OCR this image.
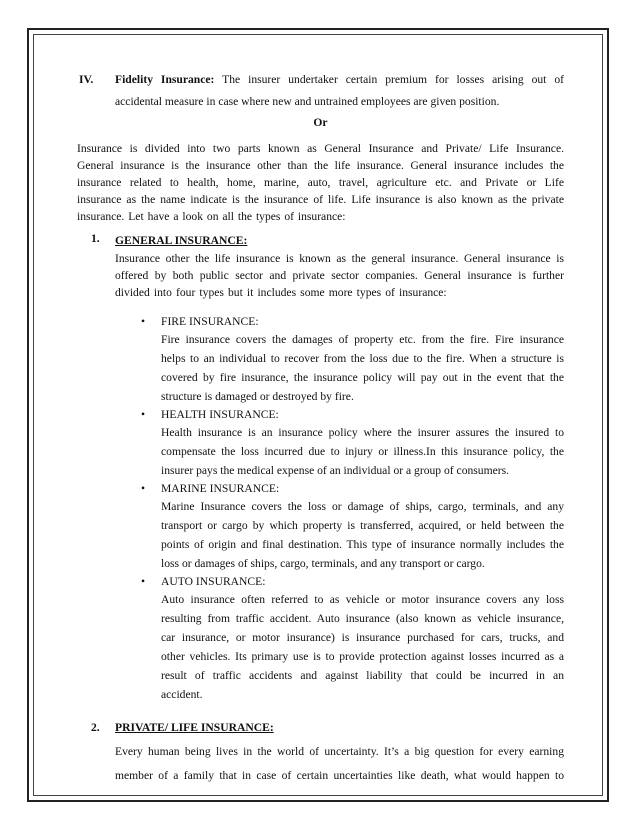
IV. Fidelity Insurance: The insurer undertaker certain premium for losses arising out of

accidental measure in case where new and untrained employees are given position.

Or

Insurance is divided into two parts known as General Insurance and Private/ Life Insurance.

General insurance is the insurance other than the life insurance. General insurance includes the

insurance related to health, home, marine, auto, travel, agriculture etc. and Private or Life

insurance as the name indicate is the insurance of life. Life insurance is also known as the private

insurance. Let have a look on all the types of insurance:

1. GENERAL INSURANCE:

Insurance other the life insurance is known as the general insurance. General insurance is

offered by both public sector and private sector companies. General insurance is further

divided into four types but it includes some more types of insurance:

• FIRE INSURANCE:

Fire insurance covers the damages of property etc. from the fire. Fire insurance

helps to an individual to recover from the loss due to the fire. When a structure is

covered by fire insurance, the insurance policy will pay out in the event that the

structure is damaged or destroyed by fire.

• HEALTH INSURANCE:

Health insurance is an insurance policy where the insurer assures the insured to

compensate the loss incurred due to injury or illness.In this insurance policy, the

insurer pays the medical expense of an individual or a group of consumers.

• MARINE INSURANCE:

Marine Insurance covers the loss or damage of ships, cargo, terminals, and any

transport or cargo by which property is transferred, acquired, or held between the

points of origin and final destination. This type of insurance normally includes the

loss or damages of ships, cargo, terminals, and any transport or cargo.

• AUTO INSURANCE:

Auto insurance often referred to as vehicle or motor insurance covers any loss

resulting from traffic accident. Auto insurance (also known as vehicle insurance,

car insurance, or motor insurance) is insurance purchased for cars, trucks, and

other vehicles. Its primary use is to provide protection against losses incurred as a

result of traffic accidents and against liability that could be incurred in an

accident.

2. PRIVATE/ LIFE INSURANCE:

Every human being lives in the world of uncertainty. It’s a big question for every earning

member of a family that in case of certain uncertainties like death, what would happen to
